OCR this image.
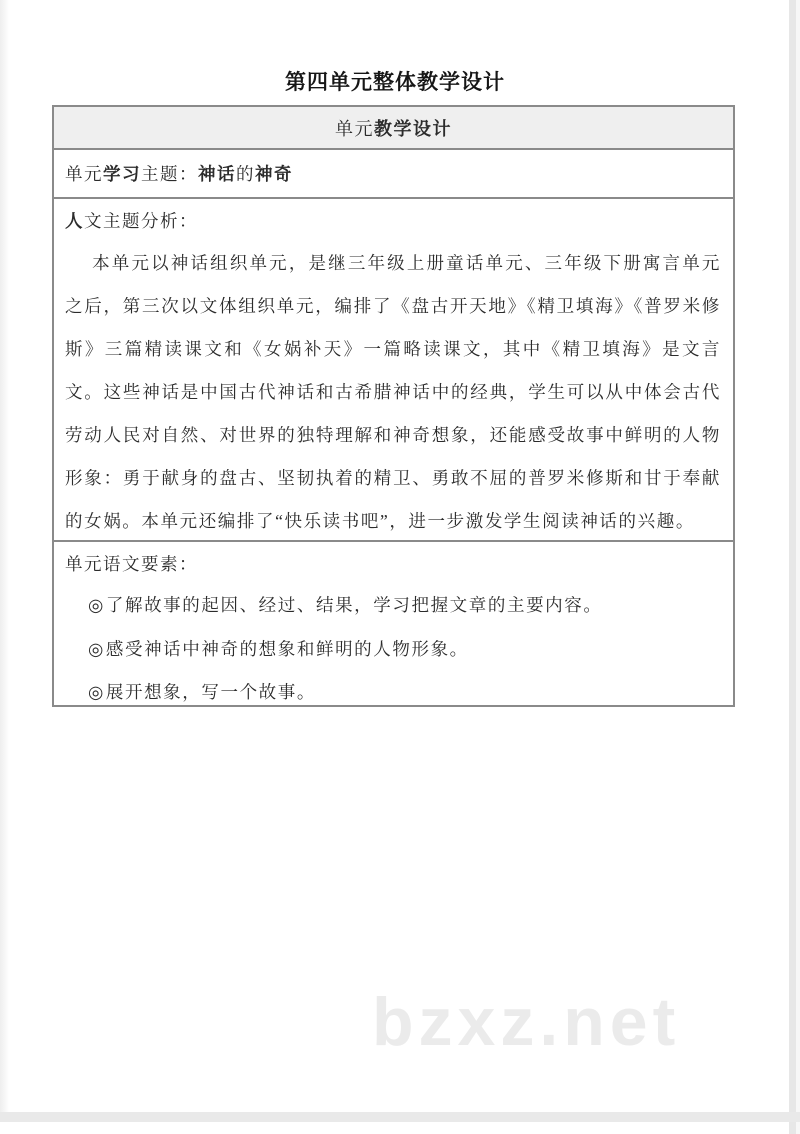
第四单元整体教学设计
单元教学设计
单元学习主题：神话的神奇
人文主题分析：
本单元以神话组织单元，是继三年级上册童话单元、三年级下册寓言单元之后，第三次以文体组织单元，编排了《盘古开天地》《精卫填海》《普罗米修斯》三篇精读课文和《女娲补天》一篇略读课文，其中《精卫填海》是文言文。这些神话是中国古代神话和古希腊神话中的经典，学生可以从中体会古代劳动人民对自然、对世界的独特理解和神奇想象，还能感受故事中鲜明的人物形象：勇于献身的盘古、坚韧执着的精卫、勇敢不屈的普罗米修斯和甘于奉献的女娲。本单元还编排了“快乐读书吧”，进一步激发学生阅读神话的兴趣。
单元语文要素：
◎了解故事的起因、经过、结果，学习把握文章的主要内容。
◎感受神话中神奇的想象和鲜明的人物形象。
◎展开想象，写一个故事。
bzxz.net
